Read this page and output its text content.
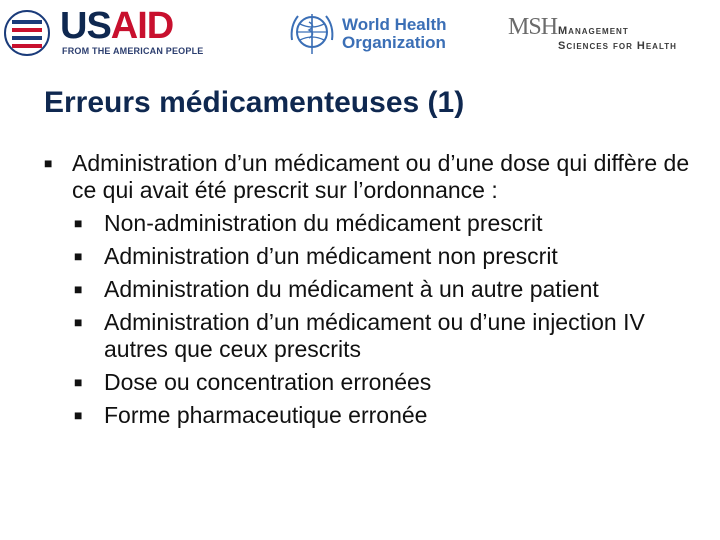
USAID
FROM THE AMERICAN PEOPLE
World Health
Organization
MSH Management
Sciences for Health
Erreurs médicamenteuses (1)
■ Administration d’un médicament ou d’une dose qui diffère de ce qui avait été prescrit sur l’ordonnance :
■ Non-administration du médicament prescrit
■ Administration d’un médicament non prescrit
■ Administration du médicament à un autre patient
■ Administration d’un médicament ou d’une injection IV autres que ceux prescrits
■ Dose ou concentration erronées
■ Forme pharmaceutique erronée
